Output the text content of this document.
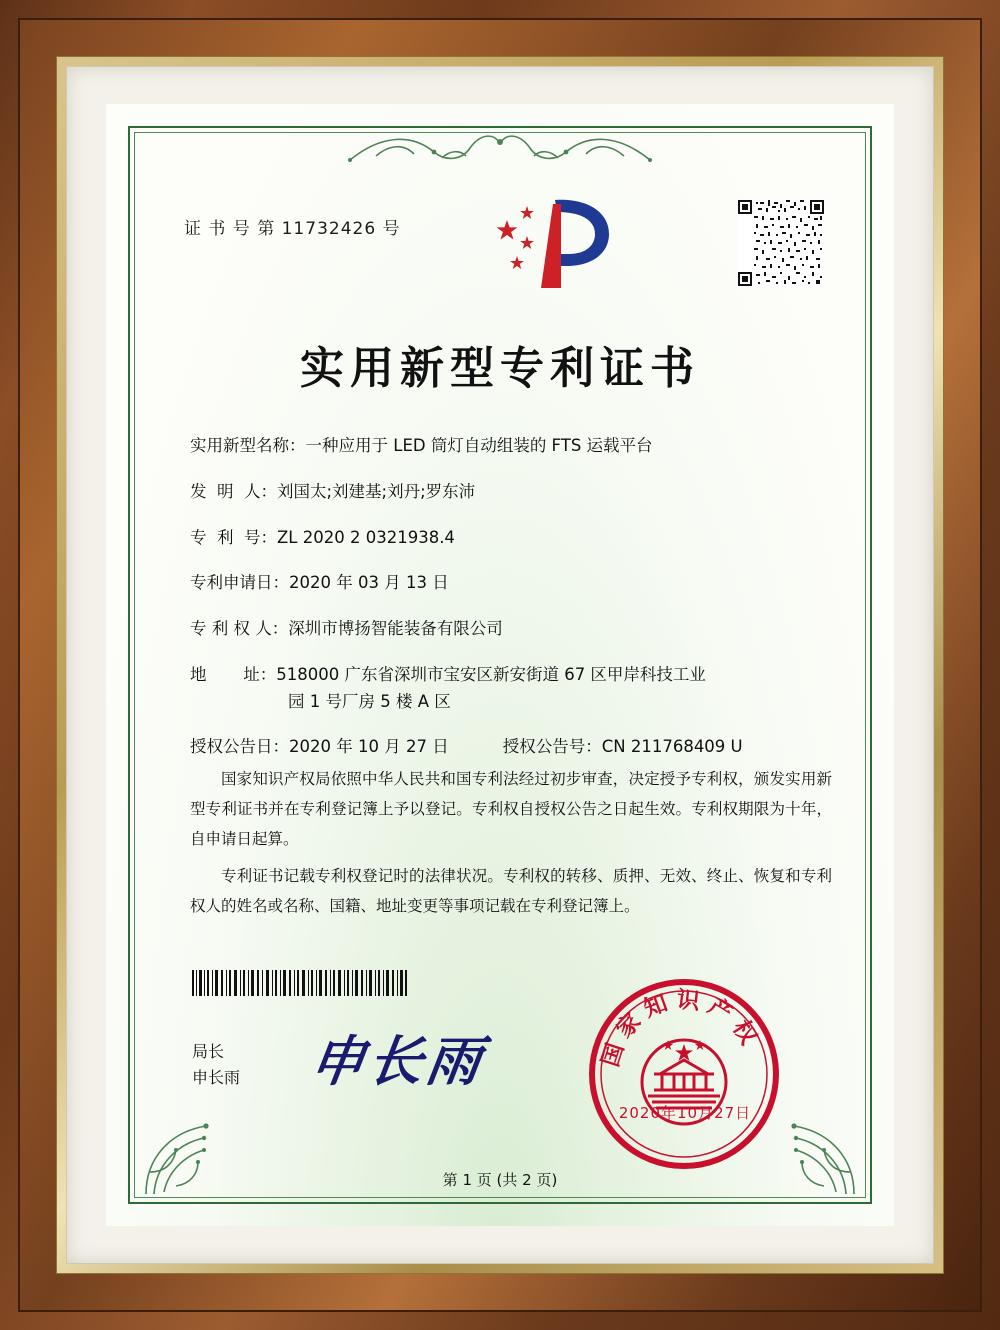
证 书 号 第 11732426 号
实用新型专利证书
实用新型名称： 一种应用于 LED 筒灯自动组装的 FTS 运载平台
发  明  人： 刘国太;刘建基;刘丹;罗东沛
专  利  号： ZL 2020 2 0321938.4
专利申请日： 2020 年 03 月 13 日
专 利 权 人： 深圳市博扬智能装备有限公司
地       址： 518000 广东省深圳市宝安区新安街道 67 区甲岸科技工业
园 1 号厂房 5 楼 A 区
授权公告日： 2020 年 10 月 27 日	授权公告号： CN 211768409 U

国家知识产权局依照中华人民共和国专利法经过初步审查，决定授予专利权，颁发实用新型专利证书并在专利登记簿上予以登记。专利权自授权公告之日起生效。专利权期限为十年，自申请日起算。

专利证书记载专利权登记时的法律状况。专利权的转移、质押、无效、终止、恢复和专利权人的姓名或名称、国籍、地址变更等事项记载在专利登记簿上。

局长
申长雨 申长雨	国家知识产权
2020年10月27日
第 1 页 (共 2 页)
